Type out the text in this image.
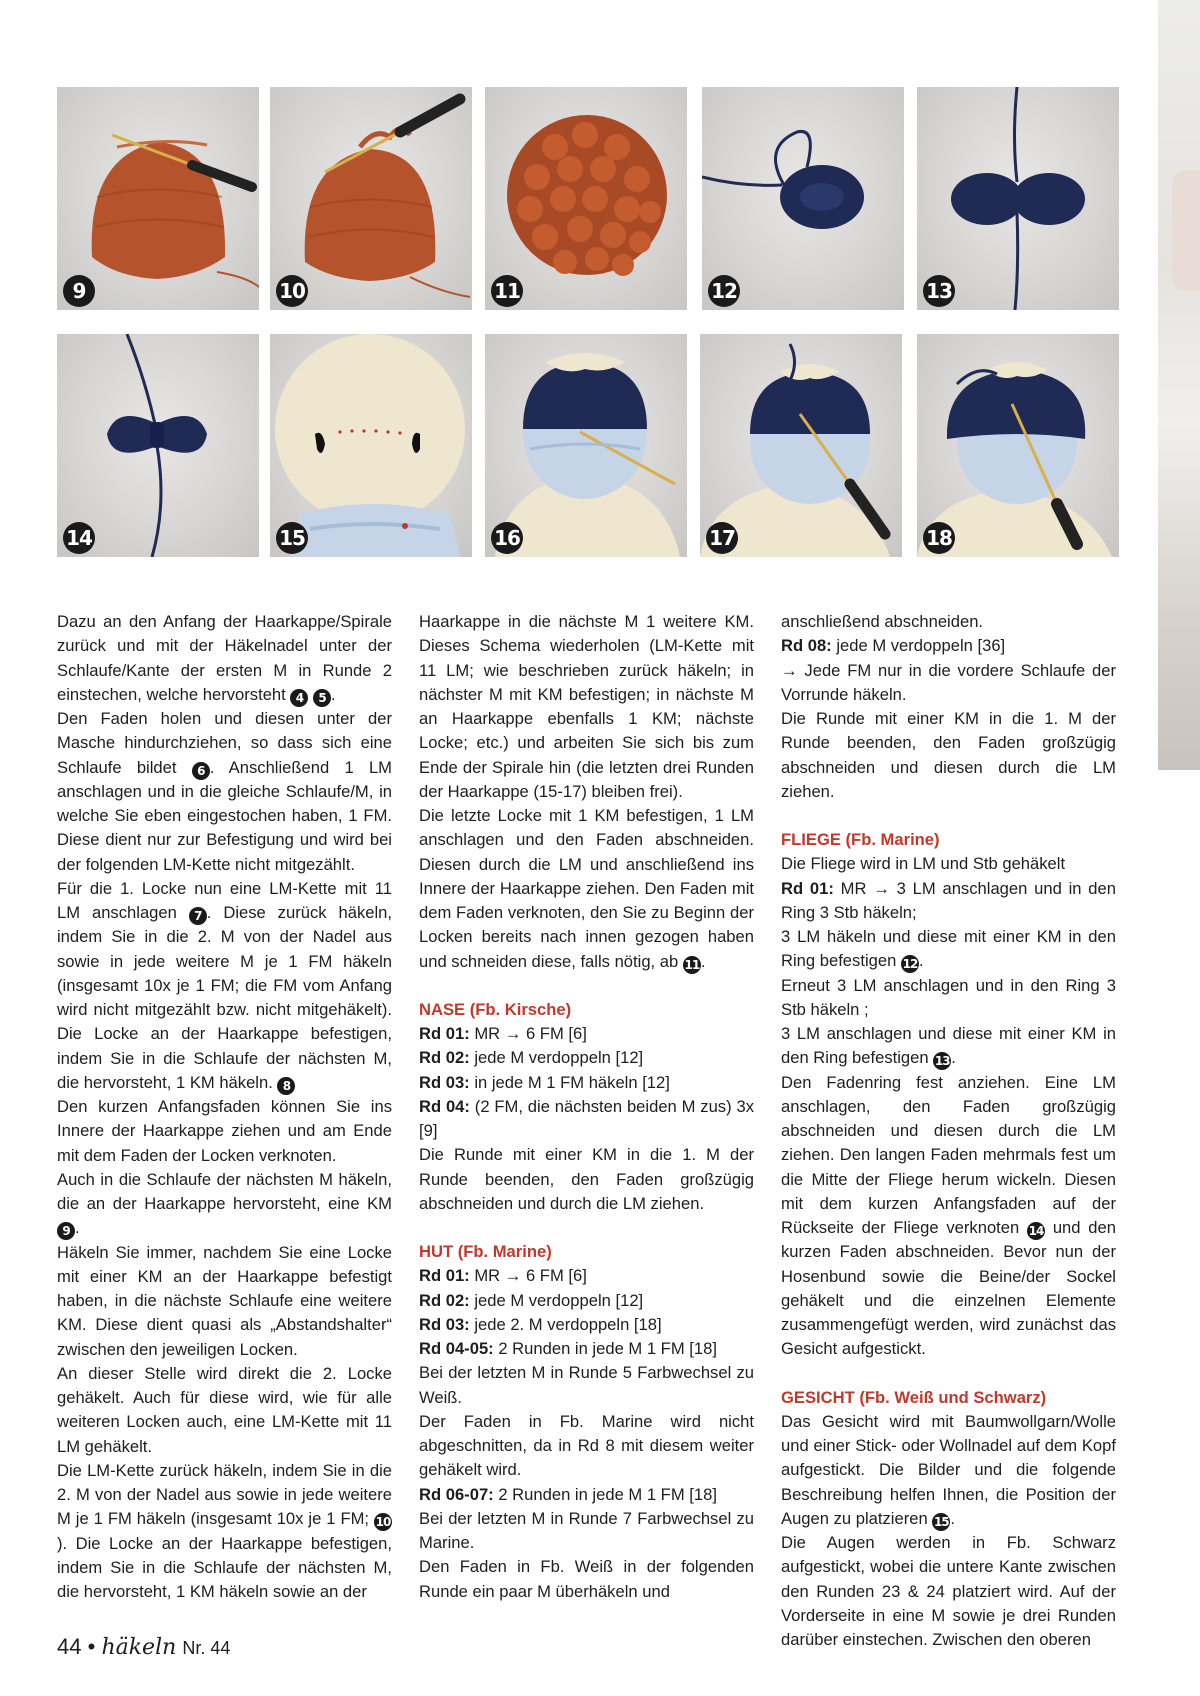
9	10	11	12	13
14	15	16	17	18

Dazu an den Anfang der Haarkappe/Spirale zurück und mit der Häkelnadel unter der Schlaufe/Kante der ersten M in Runde 2 einstechen, welche hervorsteht 4 5 .

Den Faden holen und diesen unter der Masche hindurchziehen, so dass sich eine Schlaufe bildet 6 . Anschließend 1 LM anschlagen und in die gleiche Schlaufe/M, in welche Sie eben eingestochen haben, 1 FM. Diese dient nur zur Befestigung und wird bei der folgenden LM-Kette nicht mitgezählt.

Für die 1. Locke nun eine LM-Kette mit 11 LM anschlagen 7 . Diese zurück häkeln, indem Sie in die 2. M von der Nadel aus sowie in jede weitere M je 1 FM häkeln (insgesamt 10x je 1 FM; die FM vom Anfang wird nicht mitgezählt bzw. nicht mitgehäkelt). Die Locke an der Haarkappe befestigen, indem Sie in die Schlaufe der nächsten M, die hervorsteht, 1 KM häkeln. 8

Den kurzen Anfangsfaden können Sie ins Innere der Haarkappe ziehen und am Ende mit dem Faden der Locken verknoten.

Auch in die Schlaufe der nächsten M häkeln, die an der Haarkappe hervorsteht, eine KM 9 .

Häkeln Sie immer, nachdem Sie eine Locke mit einer KM an der Haarkappe befestigt haben, in die nächste Schlaufe eine weitere KM. Diese dient quasi als „Abstandshalter“ zwischen den jeweiligen Locken.

An dieser Stelle wird direkt die 2. Locke gehäkelt. Auch für diese wird, wie für alle weiteren Locken auch, eine LM-Kette mit 11 LM gehäkelt.

Die LM-Kette zurück häkeln, indem Sie in die 2. M von der Nadel aus sowie in jede weitere M je 1 FM häkeln (insgesamt 10x je 1 FM; 10). Die Locke an der Haarkappe befestigen, indem Sie in die Schlaufe der nächsten M, die hervorsteht, 1 KM häkeln sowie an der

Haarkappe in die nächste M 1 weitere KM. Dieses Schema wiederholen (LM-Kette mit 11 LM; wie beschrieben zurück häkeln; in nächster M mit KM befestigen; in nächste M an Haarkappe ebenfalls 1 KM; nächste Locke; etc.) und arbeiten Sie sich bis zum Ende der Spirale hin (die letzten drei Runden der Haarkappe (15-17) bleiben frei).

Die letzte Locke mit 1 KM befestigen, 1 LM anschlagen und den Faden abschneiden. Diesen durch die LM und anschließend ins Innere der Haarkappe ziehen. Den Faden mit dem Faden verknoten, den Sie zu Beginn der Locken bereits nach innen gezogen haben und schneiden diese, falls nötig, ab 11.

NASE (Fb. Kirsche)

Rd 01: MR → 6 FM [6]

Rd 02: jede M verdoppeln [12]

Rd 03: in jede M 1 FM häkeln [12]

Rd 04: (2 FM, die nächsten beiden M zus) 3x [9]

Die Runde mit einer KM in die 1. M der Runde beenden, den Faden großzügig abschneiden und durch die LM ziehen.

HUT (Fb. Marine)

Rd 01: MR → 6 FM [6]

Rd 02: jede M verdoppeln [12]

Rd 03: jede 2. M verdoppeln [18]

Rd 04-05: 2 Runden in jede M 1 FM [18]

Bei der letzten M in Runde 5 Farbwechsel zu Weiß.

Der Faden in Fb. Marine wird nicht abgeschnitten, da in Rd 8 mit diesem weiter gehäkelt wird.

Rd 06-07: 2 Runden in jede M 1 FM [18]

Bei der letzten M in Runde 7 Farbwechsel zu Marine.

Den Faden in Fb. Weiß in der folgenden Runde ein paar M überhäkeln und

anschließend abschneiden.

Rd 08: jede M verdoppeln [36]

→ Jede FM nur in die vordere Schlaufe der Vorrunde häkeln.

Die Runde mit einer KM in die 1. M der Runde beenden, den Faden großzügig abschneiden und diesen durch die LM ziehen.

FLIEGE (Fb. Marine)

Die Fliege wird in LM und Stb gehäkelt

Rd 01: MR → 3 LM anschlagen und in den Ring 3 Stb häkeln;

3 LM häkeln und diese mit einer KM in den Ring befestigen 12.

Erneut 3 LM anschlagen und in den Ring 3 Stb häkeln ;

3 LM anschlagen und diese mit einer KM in den Ring befestigen 13.

Den Fadenring fest anziehen. Eine LM anschlagen, den Faden großzügig abschneiden und diesen durch die LM ziehen. Den langen Faden mehrmals fest um die Mitte der Fliege herum wickeln. Diesen mit dem kurzen Anfangsfaden auf der Rückseite der Fliege verknoten 14 und den kurzen Faden abschneiden. Bevor nun der Hosenbund sowie die Beine/der Sockel gehäkelt und die einzelnen Elemente zusammengefügt werden, wird zunächst das Gesicht aufgestickt.

GESICHT (Fb. Weiß und Schwarz)

Das Gesicht wird mit Baumwollgarn/Wolle und einer Stick- oder Wollnadel auf dem Kopf aufgestickt. Die Bilder und die folgende Beschreibung helfen Ihnen, die Position der Augen zu platzieren 15.

Die Augen werden in Fb. Schwarz aufgestickt, wobei die untere Kante zwischen den Runden 23 & 24 platziert wird. Auf der Vorderseite in eine M sowie je drei Runden darüber einstechen. Zwischen den oberen

44 • häkeln Nr. 44
